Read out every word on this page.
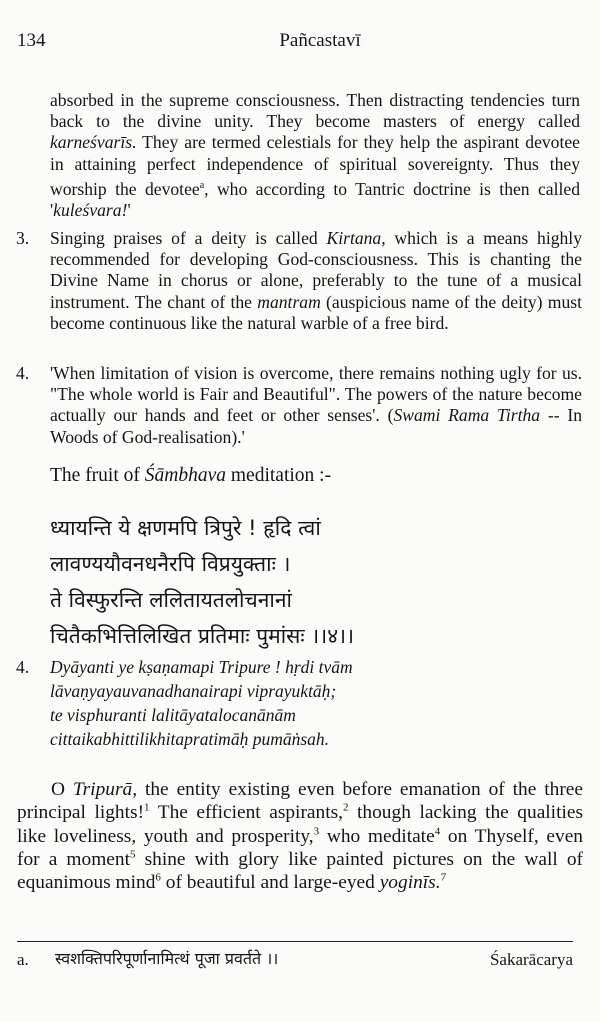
134	Pañcastavī
absorbed in the supreme consciousness. Then distracting tendencies turn back to the divine unity. They become masters of energy called karneśvarīs. They are termed celestials for they help the aspirant devotee in attaining perfect independence of spiritual sovereignty. Thus they worship the devotee$^a$, who according to Tantric doctrine is then called 'kuleśvara!'
3. Singing praises of a deity is called Kirtana, which is a means highly recommended for developing God-consciousness. This is chanting the Divine Name in chorus or alone, preferably to the tune of a musical instrument. The chant of the mantram (auspicious name of the deity) must become continuous like the natural warble of a free bird.
4. 'When limitation of vision is overcome, there remains nothing ugly for us. "The whole world is Fair and Beautiful". The powers of the nature become actually our hands and feet or other senses'. (Swami Rama Tirtha -- In Woods of God-realisation).'
The fruit of Śāmbhava meditation :-
ध्यायन्ति ये क्षणमपि त्रिपुरे ! हृदि त्वां
लावण्ययौवनधनैरपि विप्रयुक्ताः ।
ते विस्फुरन्ति ललितायतलोचनानां
चितैकभित्तिलिखित प्रतिमाः पुमांसः ।।४।।
4. Dyāyanti ye kṣaṇamapi Tripure ! hṛdi tvām
lāvaṇyayauvanadhanairapi viprayuktāḥ;
te visphuranti lalitāyatalocanānām
cittaikabhittilikhitapratimāḥ pumāṅsah.
O Tripurā, the entity existing even before emanation of the three principal lights!$^1$ The efficient aspirants,$^2$ though lacking the qualities like loveliness, youth and prosperity,$^3$ who meditate$^4$ on Thyself, even for a moment$^5$ shine with glory like painted pictures on the wall of equanimous mind$^6$ of beautiful and large-eyed yoginīs.$^7$
a. स्वशक्तिपरिपूर्णानामित्थं पूजा प्रवर्तते ।।	Śakarācarya
